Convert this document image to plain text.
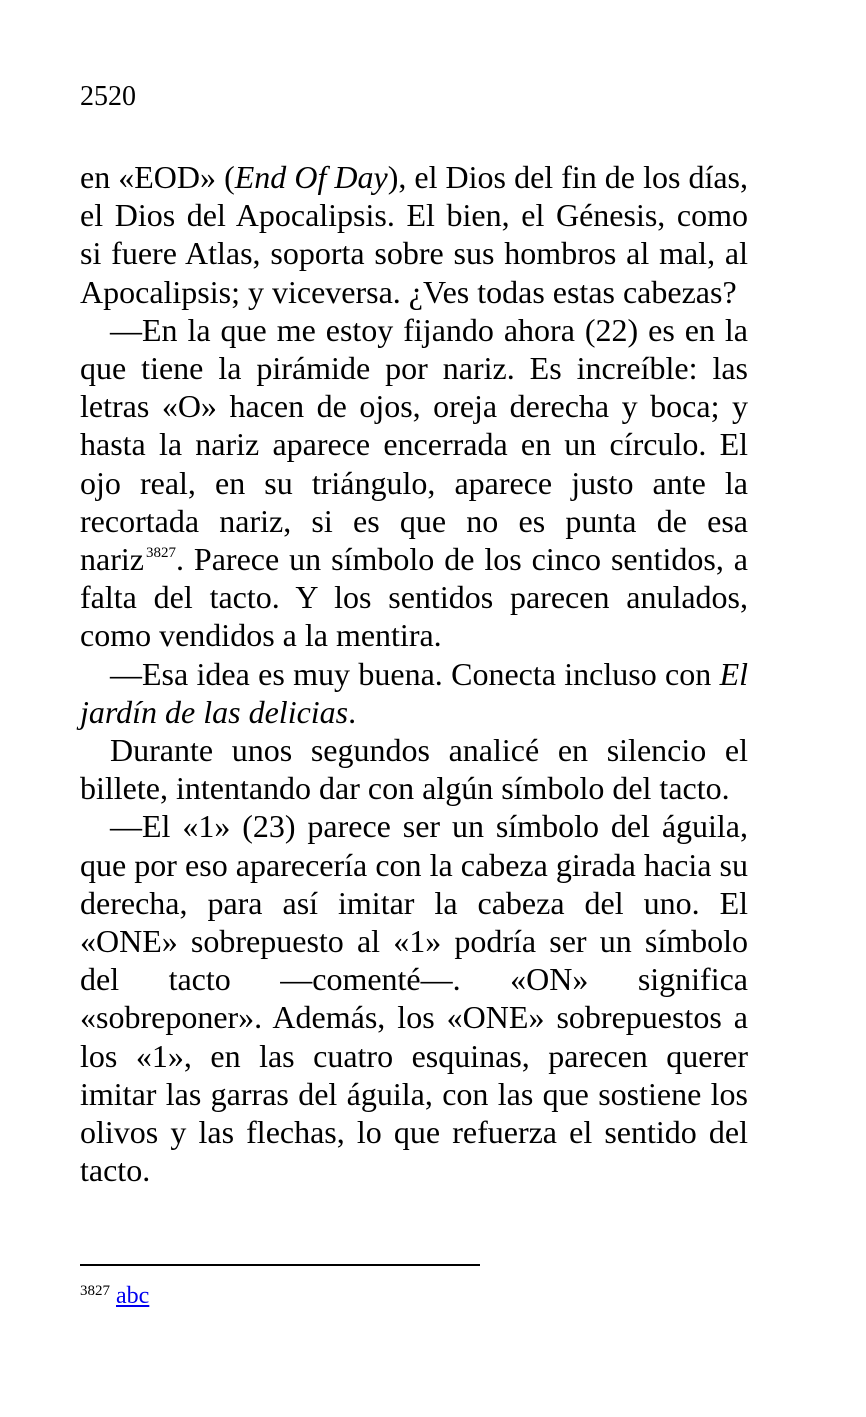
2520

en «EOD» (End Of Day), el Dios del fin de los días, el Dios del Apocalipsis. El bien, el Génesis, como si fuere Atlas, soporta sobre sus hombros al mal, al Apocalipsis; y viceversa. ¿Ves todas estas cabezas?

—En la que me estoy fijando ahora (22) es en la que tiene la pirámide por nariz. Es increíble: las letras «O» hacen de ojos, oreja derecha y boca; y hasta la nariz aparece encerrada en un círculo. El ojo real, en su triángulo, aparece justo ante la recortada nariz, si es que no es punta de esa nariz $^{3827}$. Parece un símbolo de los cinco sentidos, a falta del tacto. Y los sentidos parecen anulados, como vendidos a la mentira.

—Esa idea es muy buena. Conecta incluso con El jardín de las delicias.

Durante unos segundos analicé en silencio el billete, intentando dar con algún símbolo del tacto.

—El «1» (23) parece ser un símbolo del águila, que por eso aparecería con la cabeza girada hacia su derecha, para así imitar la cabeza del uno. El «ONE» sobrepuesto al «1» podría ser un símbolo del tacto —comenté—. «ON» significa «sobreponer». Además, los «ONE» sobrepuestos a los «1», en las cuatro esquinas, parecen querer imitar las garras del águila, con las que sostiene los olivos y las flechas, lo que refuerza el sentido del tacto.

$^{3827}$ abc
